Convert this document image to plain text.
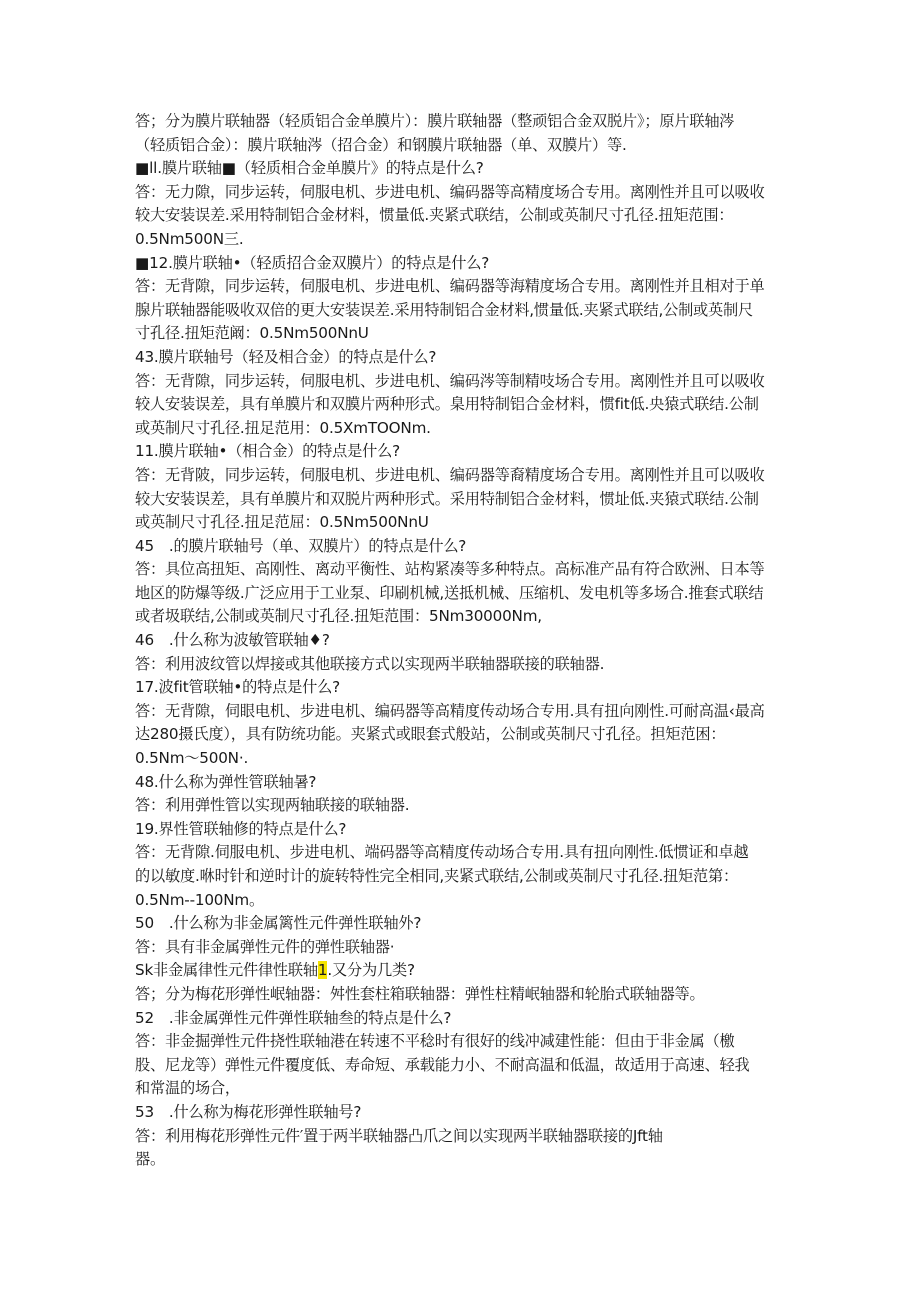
答；分为膜片联轴器（轻质铝合金单膜片）：膜片联轴器（整顽铝合金双脱片》；原片联轴涔
（轻质铝合金）：膜片联轴涔（招合金）和钢膜片联轴器（单、双膜片）等.
■ll.膜片联轴■（轻质相合金单膜片》的特点是什么?
答：无力隙，同步运转，伺服电机、步进电机、编码器等高精度场合专用。离刚性并且可以吸收
较大安装误差.采用特制铝合金材料，惯量低.夹紧式联结，公制或英制尺寸孔径.扭矩范围：
0.5Nm500N三.
■12.膜片联轴•（轻质招合金双膜片）的特点是什么?
答：无背隙，同步运转，伺服电机、步进电机、编码器等海精度场合专用。离刚性并且相对于单
腺片联轴器能吸收双倍的更大安装误差.采用特制铝合金材料,惯量低.夹紧式联结,公制或英制尺
寸孔径.扭矩范阚：0.5Nm500NnU
43.膜片联轴号（轻及相合金）的特点是什么?
答：无背隙，同步运转，伺服电机、步进电机、编码涔等制精吱场合专用。离刚性并且可以吸收
较人安装误差，具有单膜片和双膜片两种形式。臬用特制铝合金材料，惯fit低.央猿式联结.公制
或英制尺寸孔径.扭足范用：0.5XmTOONm.
11.膜片联轴•（相合金）的特点是什么?
答：无背陂，同步运转，伺服电机、步进电机、编码器等裔精度场合专用。离刚性并且可以吸收
较大安装误差，具有单膜片和双脱片两种形式。采用特制铝合金材料，惯址低.夹猿式联结.公制
或英制尺寸孔径.扭足范屈：0.5Nm500NnU
45　.的膜片联轴号（单、双膜片）的特点是什么?
答：具位高扭矩、高刚性、离动平衡性、站构紧凑等多种特点。高标准产品有符合欧洲、日本等
地区的防爆等级.广泛应用于工业泵、印刷机械,送抵机械、压缩机、发电机等多场合.推套式联结
或者圾联结,公制或英制尺寸孔径.扭矩范围：5Nm30000Nm,
46　.什么称为波敏管联轴♦?
答：利用波纹管以焊接或其他联接方式以实现两半联轴器联接的联轴器.
17.波fit管联轴•的特点是什么?
答：无背隙，伺眼电机、步进电机、编码器等高精度传动场合专用.具有扭向刚性.可耐高温‹最高
达280摄氏度），具有防统功能。夹紧式或眼套式般站，公制或英制尺寸孔径。担矩范困：
0.5Nm～500N·.
48.什么称为弹性管联轴暑?
答：利用弹性管以实现两轴联接的联轴器.
19.界性管联轴修的特点是什么?
答：无背隙.伺服电机、步进电机、端码器等高精度传动场合专用.具有扭向刚性.低惯证和卓越
的以敏度.咻时针和逆时计的旋转特性完全相同,夹紧式联结,公制或英制尺寸孔径.扭矩范第：
0.5Nm--100Nm。
50　.什么称为非金属篱性元件弹性联轴外?
答：具有非金属弹性元件的弹性联轴器·
Sk非金属律性元件律性联轴1.又分为几类?
答；分为梅花形弹性岷轴器：舛性套柱箱联轴器：弹性柱精岷轴器和轮胎式联轴器等。
52　.非金属弹性元件弹性联轴叁的特点是什么?
答：非金掘弹性元件挠性联轴港在转速不平稔时有很好的线冲减建性能：但由于非金属（檄
股、尼龙等）弹性元件覆度低、寿命短、承载能力小、不耐高温和低温，故适用于高速、轻我
和常温的场合，
53　.什么称为梅花形弹性联轴号?
答：利用梅花形弹性元件′置于两半联轴器凸爪之间以实现两半联轴器联接的Jft轴
器。
